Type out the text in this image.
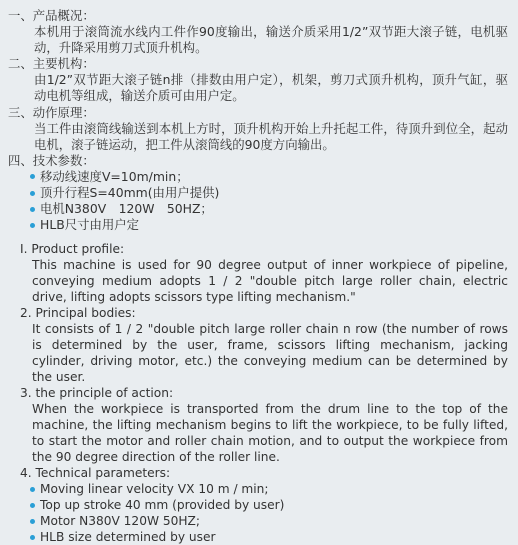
一、产品概况：

本机用于滚筒流水线内工件作90度输出，输送介质采用1/2”双节距大滚子链，电机驱动，升降采用剪刀式顶升机构。

二、主要机构：

由1/2”双节距大滚子链n排（排数由用户定），机架，剪刀式顶升机构，顶升气缸，驱动电机等组成，输送介质可由用户定。

三、动作原理：

当工件由滚筒线输送到本机上方时，顶升机构开始上升托起工件，待顶升到位全，起动电机，滚子链运动，把工件从滚筒线的90度方向输出。

四、技术参数：

移动线速度V=10m/min；
顶升行程S=40mm(由用户提供)
电机N380V　120W　50HZ；
HLB尺寸由用户定

I. Product profile:

This machine is used for 90 degree output of inner workpiece of pipeline, conveying medium adopts 1 / 2 "double pitch large roller chain, electric drive, lifting adopts scissors type lifting mechanism."

2. Principal bodies:

It consists of 1 / 2 "double pitch large roller chain n row (the number of rows is determined by the user, frame, scissors lifting mechanism, jacking cylinder, driving motor, etc.) the conveying medium can be determined by the user.

3. the principle of action:

When the workpiece is transported from the drum line to the top of the machine, the lifting mechanism begins to lift the workpiece, to be fully lifted, to start the motor and roller chain motion, and to output the workpiece from the 90 degree direction of the roller line.

4. Technical parameters:

Moving linear velocity VX 10 m / min;
Top up stroke 40 mm (provided by user)
Motor N380V 120W 50HZ;
HLB size determined by user
